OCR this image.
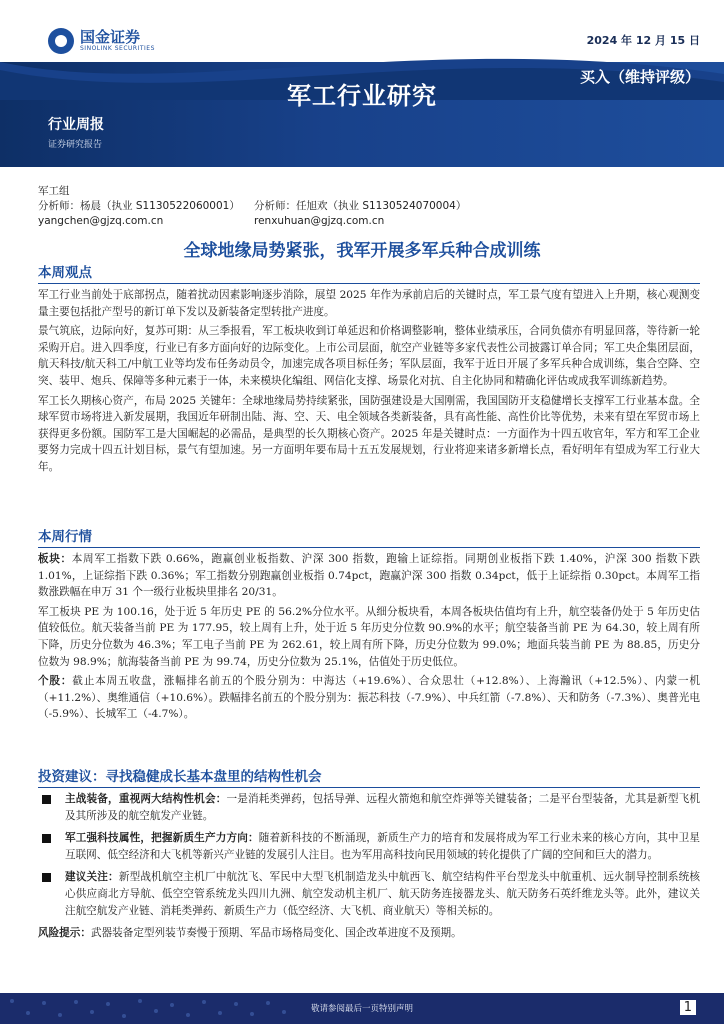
国金证券
SINOLINK SECURITIES
2024 年 12 月 15 日
买入（维持评级）
军工行业研究
行业周报
证券研究报告
军工组
分析师：杨晨（执业 S1130522060001）	分析师：任旭欢（执业 S1130524070004）
yangchen@gjzq.com.cn	renxuhuan@gjzq.com.cn
全球地缘局势紧张，我军开展多军兵种合成训练
本周观点

军工行业当前处于底部拐点，随着扰动因素影响逐步消除，展望 2025 年作为承前启后的关键时点，军工景气度有望进入上升期，核心观测变量主要包括批产型号的新订单下发以及新装备定型转批产进度。

景气筑底，边际向好，复苏可期：从三季报看，军工板块收到订单延迟和价格调整影响，整体业绩承压，合同负债亦有明显回落，等待新一轮采购开启。进入四季度，行业已有多方面向好的边际变化。上市公司层面，航空产业链等多家代表性公司披露订单合同；军工央企集团层面，航天科技/航天科工/中航工业等均发布任务动员令，加速完成各项目标任务；军队层面，我军于近日开展了多军兵种合成训练，集合空降、空突、装甲、炮兵、保障等多种元素于一体，未来模块化编组、网信化支撑、场景化对抗、自主化协同和精确化评估或成我军训练新趋势。

军工长久期核心资产，布局 2025 关键年：全球地缘局势持续紧张，国防强建设是大国刚需，我国国防开支稳健增长支撑军工行业基本盘。全球军贸市场将进入新发展期，我国近年研制出陆、海、空、天、电全领域各类新装备，具有高性能、高性价比等优势，未来有望在军贸市场上获得更多份额。国防军工是大国崛起的必需品，是典型的长久期核心资产。2025 年是关键时点：一方面作为十四五收官年，军方和军工企业要努力完成十四五计划目标，景气有望加速。另一方面明年要布局十五五发展规划，行业将迎来诸多新增长点，看好明年有望成为军工行业大年。

本周行情

板块：本周军工指数下跌 0.66%，跑赢创业板指数、沪深 300 指数，跑输上证综指。同期创业板指下跌 1.40%，沪深 300 指数下跌 1.01%，上证综指下跌 0.36%；军工指数分别跑赢创业板指 0.74pct，跑赢沪深 300 指数 0.34pct，低于上证综指 0.30pct。本周军工指数涨跌幅在申万 31 个一级行业板块里排名 20/31。

军工板块 PE 为 100.16，处于近 5 年历史 PE 的 56.2%分位水平。从细分板块看，本周各板块估值均有上升，航空装备仍处于 5 年历史估值较低位。航天装备当前 PE 为 177.95，较上周有上升，处于近 5 年历史分位数 90.9%的水平；航空装备当前 PE 为 64.30，较上周有所下降，历史分位数为 46.3%；军工电子当前 PE 为 262.61，较上周有所下降，历史分位数为 99.0%；地面兵装当前 PE 为 88.85，历史分位数为 98.9%；航海装备当前 PE 为 99.74，历史分位数为 25.1%，估值处于历史低位。

个股：截止本周五收盘，涨幅排名前五的个股分别为：中海达（+19.6%）、合众思壮（+12.8%）、上海瀚讯（+12.5%）、内蒙一机（+11.2%）、奥维通信（+10.6%）。跌幅排名前五的个股分别为：振芯科技（-7.9%）、中兵红箭（-7.8%）、天和防务（-7.3%）、奥普光电（-5.9%）、长城军工（-4.7%）。

投资建议：寻找稳健成长基本盘里的结构性机会

主战装备，重视两大结构性机会：一是消耗类弹药，包括导弹、远程火箭炮和航空炸弹等关键装备；二是平台型装备，尤其是新型飞机及其所涉及的航空航发产业链。

军工强科技属性，把握新质生产力方向：随着新科技的不断涌现，新质生产力的培育和发展将成为军工行业未来的核心方向，其中卫星互联网、低空经济和大飞机等新兴产业链的发展引人注目。也为军用高科技向民用领域的转化提供了广阔的空间和巨大的潜力。

建议关注：新型战机航空主机厂中航沈飞、军民中大型飞机制造龙头中航西飞、航空结构件平台型龙头中航重机、远火制导控制系统核心供应商北方导航、低空空管系统龙头四川九洲、航空发动机主机厂、航天防务连接器龙头、航天防务石英纤维龙头等。此外，建议关注航空航发产业链、消耗类弹药、新质生产力（低空经济、大飞机、商业航天）等相关标的。

风险提示：武器装备定型列装节奏慢于预期、军品市场格局变化、国企改革进度不及预期。

敬请参阅最后一页特别声明	1
